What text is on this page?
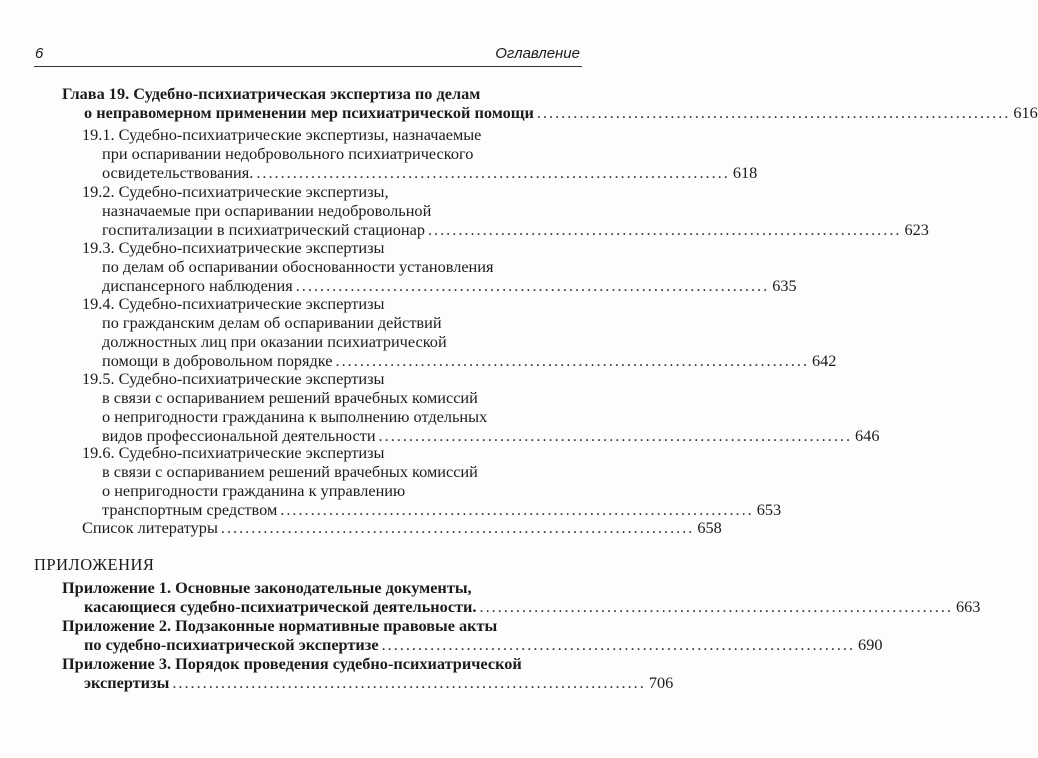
6	Оглавление
Глава 19. Судебно-психиатрическая экспертиза по делам
о неправомерном применении мер психиатрической помощи .............................................................................. 616
19.1. Судебно-психиатрические экспертизы, назначаемые
при оспаривании недобровольного психиатрического
освидетельствования. .............................................................................. 618
19.2. Судебно-психиатрические экспертизы,
назначаемые при оспаривании недобровольной
госпитализации в психиатрический стационар .............................................................................. 623
19.3. Судебно-психиатрические экспертизы
по делам об оспаривании обоснованности установления
диспансерного наблюдения .............................................................................. 635
19.4. Судебно-психиатрические экспертизы
по гражданским делам об оспаривании действий
должностных лиц при оказании психиатрической
помощи в добровольном порядке .............................................................................. 642
19.5. Судебно-психиатрические экспертизы
в связи с оспариванием решений врачебных комиссий
о непригодности гражданина к выполнению отдельных
видов профессиональной деятельности .............................................................................. 646
19.6. Судебно-психиатрические экспертизы
в связи с оспариванием решений врачебных комиссий
о непригодности гражданина к управлению
транспортным средством .............................................................................. 653
Список литературы .............................................................................. 658
ПРИЛОЖЕНИЯ
Приложение 1. Основные законодательные документы,
касающиеся судебно-психиатрической деятельности. .............................................................................. 663
Приложение 2. Подзаконные нормативные правовые акты
по судебно-психиатрической экспертизе .............................................................................. 690
Приложение 3. Порядок проведения судебно-психиатрической
экспертизы .............................................................................. 706
